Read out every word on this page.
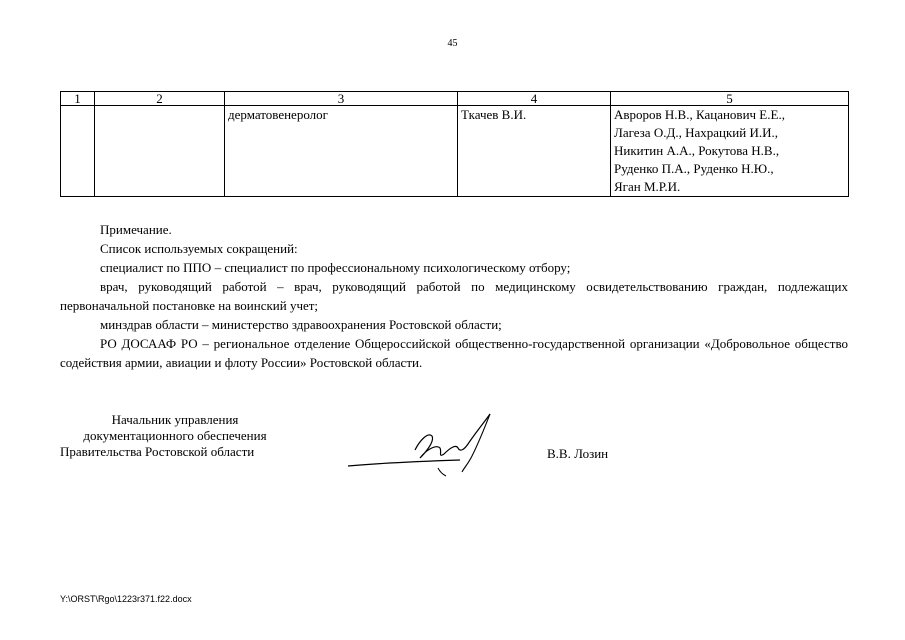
45
1	2	3	4	5
		дерматовенеролог	Ткачев В.И.	Авроров Н.В., Кацанович Е.Е.,
Лагеза О.Д., Нахрацкий И.И.,
Никитин А.А., Рокутова Н.В.,
Руденко П.А., Руденко Н.Ю.,
Яган М.Р.И.

Примечание.

Список используемых сокращений:

специалист по ППО – специалист по профессиональному психологическому отбору;

врач, руководящий работой – врач, руководящий работой по медицинскому освидетельствованию граждан, подлежащих первоначальной постановке на воинский учет;

минздрав области – министерство здравоохранения Ростовской области;

РО ДОСААФ РО – региональное отделение Общероссийской общественно-государственной организации «Добровольное общество содействия армии, авиации и флоту России» Ростовской области.

Начальник управления
документационного обеспечения
Правительства Ростовской области	В.В. Лозин
Y:\ORST\Rgo\1223r371.f22.docx
